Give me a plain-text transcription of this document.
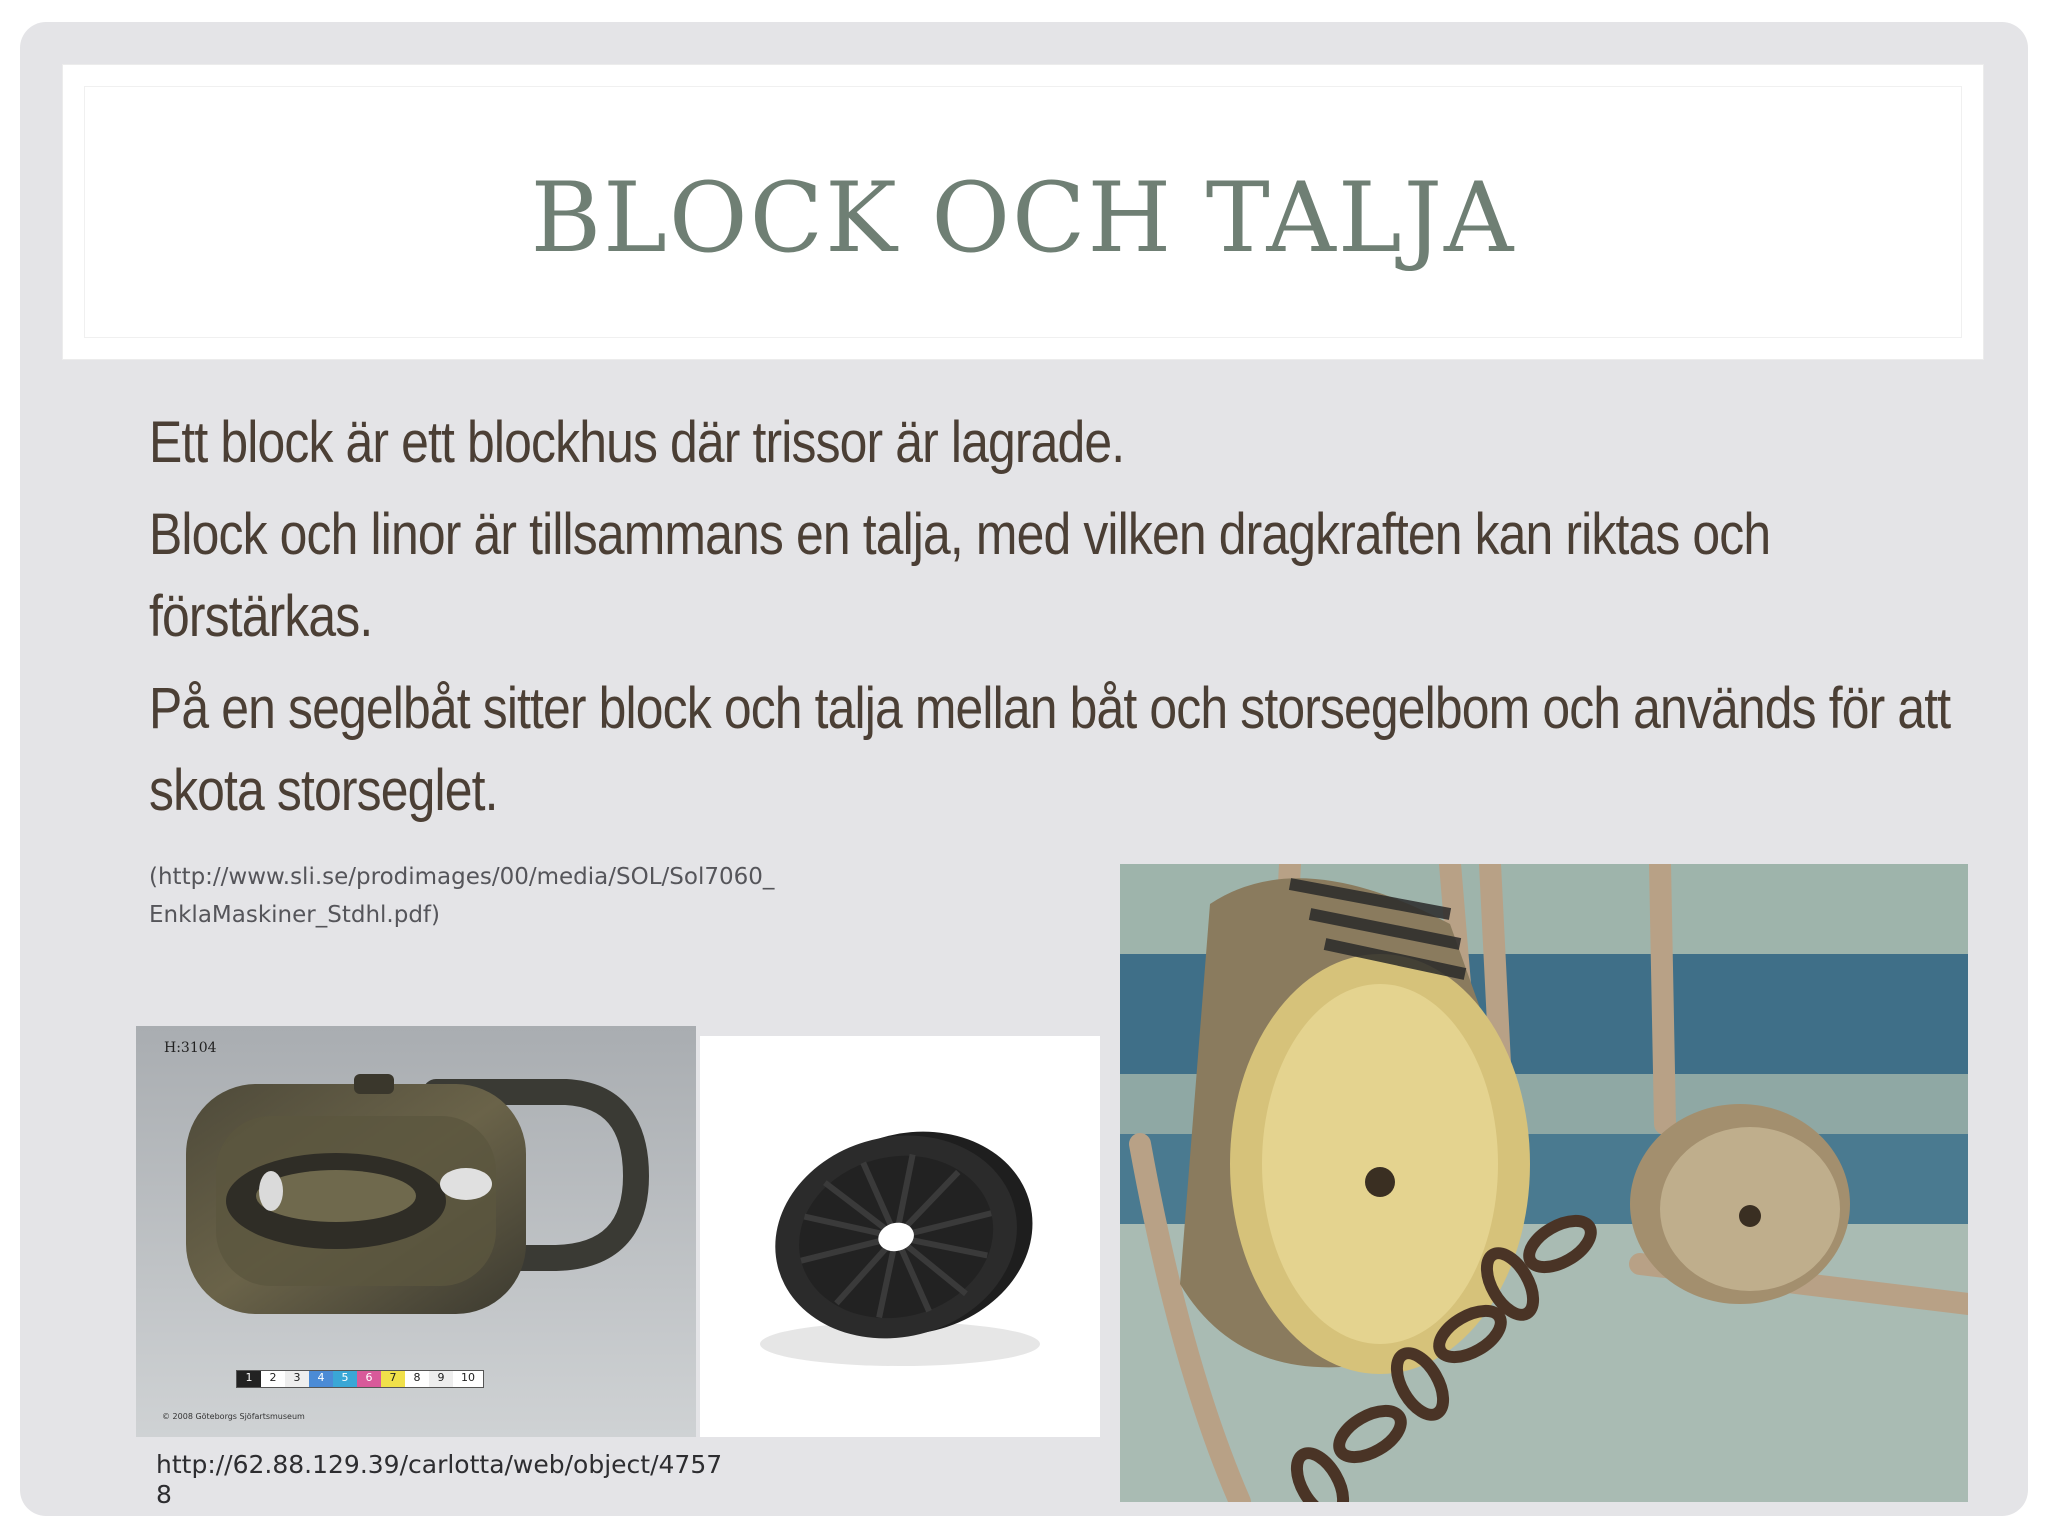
BLOCK OCH TALJA

Ett block är ett blockhus där trissor är lagrade.

Block och linor är tillsammans en talja, med vilken dragkraften kan riktas och förstärkas.

På en segelbåt sitter block och talja mellan båt och storsegelbom och används för att skota storseglet.

(http://www.sli.se/prodimages/00/media/SOL/Sol7060_
EnklaMaskiner_Stdhl.pdf)
H:3104
1	2	3	4	5	6	7	8	9	10
© 2008 Göteborgs Sjöfartsmuseum
http://62.88.129.39/carlotta/web/object/4757
8
